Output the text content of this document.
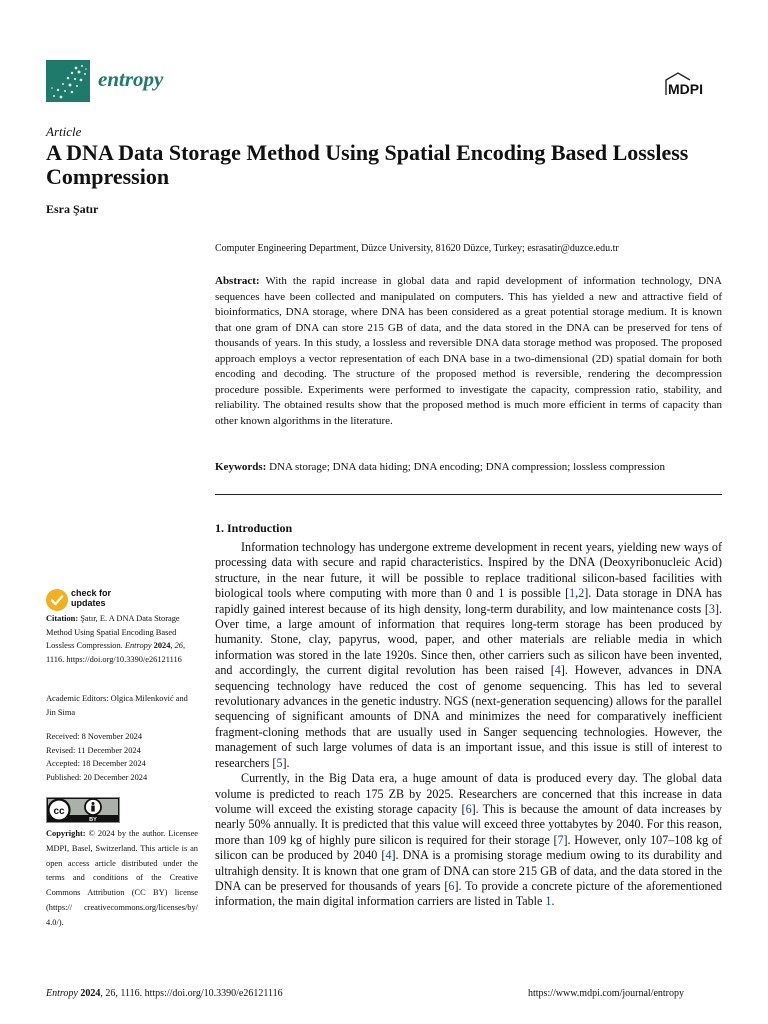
entropy	MDPI
Article
A DNA Data Storage Method Using Spatial Encoding Based Lossless Compression
Esra Şatır
Computer Engineering Department, Düzce University, 81620 Düzce, Turkey; esrasatir@duzce.edu.tr

Abstract: With the rapid increase in global data and rapid development of information technology, DNA sequences have been collected and manipulated on computers. This has yielded a new and attractive field of bioinformatics, DNA storage, where DNA has been considered as a great potential storage medium. It is known that one gram of DNA can store 215 GB of data, and the data stored in the DNA can be preserved for tens of thousands of years. In this study, a lossless and reversible DNA data storage method was proposed. The proposed approach employs a vector representation of each DNA base in a two-dimensional (2D) spatial domain for both encoding and decoding. The structure of the proposed method is reversible, rendering the decompression procedure possible. Experiments were performed to investigate the capacity, compression ratio, stability, and reliability. The obtained results show that the proposed method is much more efficient in terms of capacity than other known algorithms in the literature.

Keywords: DNA storage; DNA data hiding; DNA encoding; DNA compression; lossless compression

1. Introduction

Information technology has undergone extreme development in recent years, yielding new ways of processing data with secure and rapid characteristics. Inspired by the DNA (Deoxyribonucleic Acid) structure, in the near future, it will be possible to replace traditional silicon-based facilities with biological tools where computing with more than 0 and 1 is possible [1,2]. Data storage in DNA has rapidly gained interest because of its high density, long-term durability, and low maintenance costs [3]. Over time, a large amount of information that requires long-term storage has been produced by humanity. Stone, clay, papyrus, wood, paper, and other materials are reliable media in which information was stored in the late 1920s. Since then, other carriers such as silicon have been invented, and accordingly, the current digital revolution has been raised [4]. However, advances in DNA sequencing technology have reduced the cost of genome sequencing. This has led to several revolutionary advances in the genetic industry. NGS (next-generation sequencing) allows for the parallel sequencing of significant amounts of DNA and minimizes the need for comparatively inefficient fragment-cloning methods that are usually used in Sanger sequencing technologies. However, the management of such large volumes of data is an important issue, and this issue is still of interest to researchers [5].

Currently, in the Big Data era, a huge amount of data is produced every day. The global data volume is predicted to reach 175 ZB by 2025. Researchers are concerned that this increase in data volume will exceed the existing storage capacity [6]. This is because the amount of data increases by nearly 50% annually. It is predicted that this value will exceed three yottabytes by 2040. For this reason, more than 109 kg of highly pure silicon is required for their storage [7]. However, only 107–108 kg of silicon can be produced by 2040 [4]. DNA is a promising storage medium owing to its durability and ultrahigh density. It is known that one gram of DNA can store 215 GB of data, and the data stored in the DNA can be preserved for thousands of years [6]. To provide a concrete picture of the aforementioned information, the main digital information carriers are listed in Table 1.

check for
updates

Citation: Şatır, E. A DNA Data Storage Method Using Spatial Encoding Based Lossless Compression. Entropy 2024, 26, 1116. https://doi.org/10.3390/e26121116

Academic Editors: Olgica Milenković and Jin Sima

Received: 8 November 2024
Revised: 11 December 2024
Accepted: 18 December 2024
Published: 20 December 2024
cc
BY

Copyright: © 2024 by the author. Licensee MDPI, Basel, Switzerland. This article is an open access article distributed under the terms and conditions of the Creative Commons Attribution (CC BY) license (https:// creativecommons.org/licenses/by/ 4.0/).

Entropy 2024, 26, 1116. https://doi.org/10.3390/e26121116	https://www.mdpi.com/journal/entropy
